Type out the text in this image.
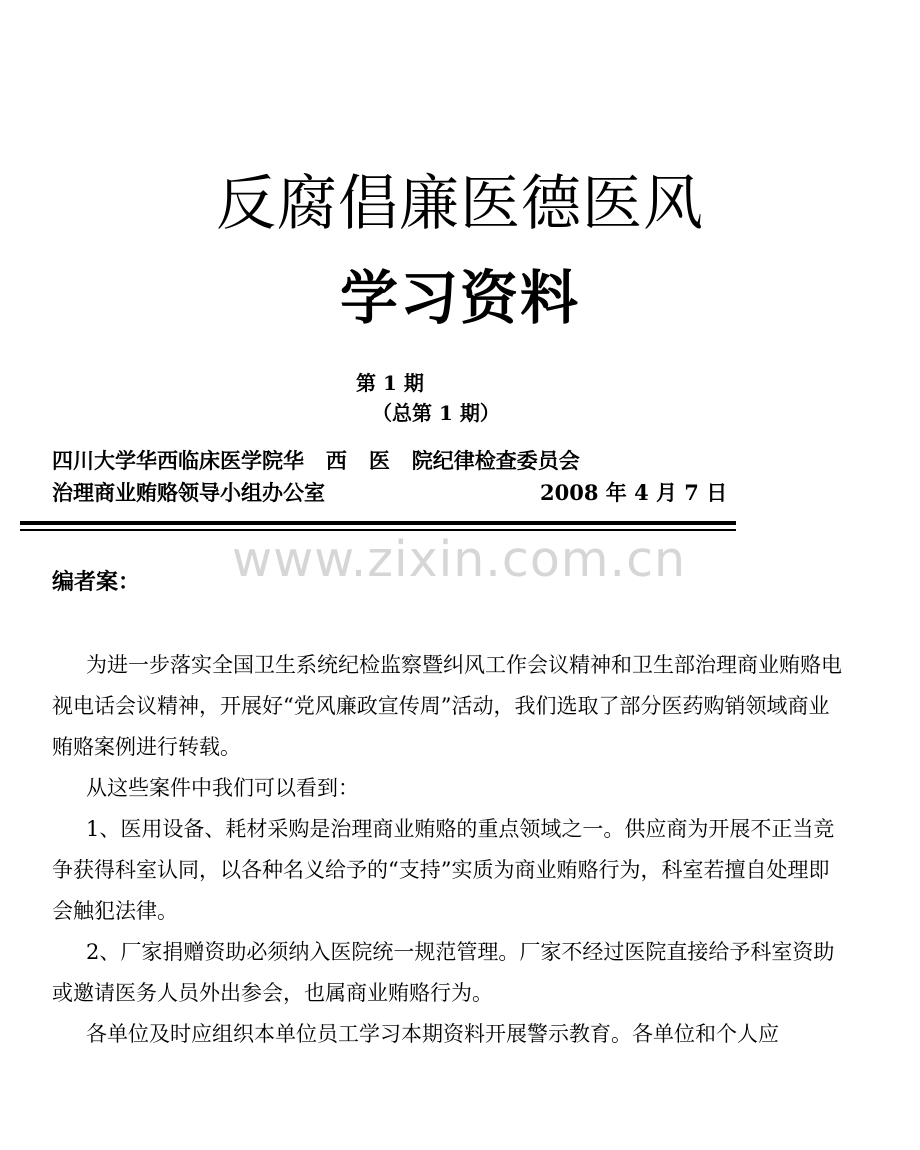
反腐倡廉医德医风
学习资料
第 1 期
（总第 1 期）
四川大学华西临床医学院华   西   医   院纪律检查委员会
治理商业贿赂领导小组办公室	2008 年 4 月 7 日
www.zixin.com.cn
编者案：

为进一步落实全国卫生系统纪检监察暨纠风工作会议精神和卫生部治理商业贿赂电视电话会议精神，开展好“党风廉政宣传周”活动，我们选取了部分医药购销领域商业贿赂案例进行转载。

从这些案件中我们可以看到：

1、医用设备、耗材采购是治理商业贿赂的重点领域之一。供应商为开展不正当竞争获得科室认同，以各种名义给予的“支持”实质为商业贿赂行为，科室若擅自处理即会触犯法律。

2、厂家捐赠资助必须纳入医院统一规范管理。厂家不经过医院直接给予科室资助或邀请医务人员外出参会，也属商业贿赂行为。

各单位及时应组织本单位员工学习本期资料开展警示教育。各单位和个人应
